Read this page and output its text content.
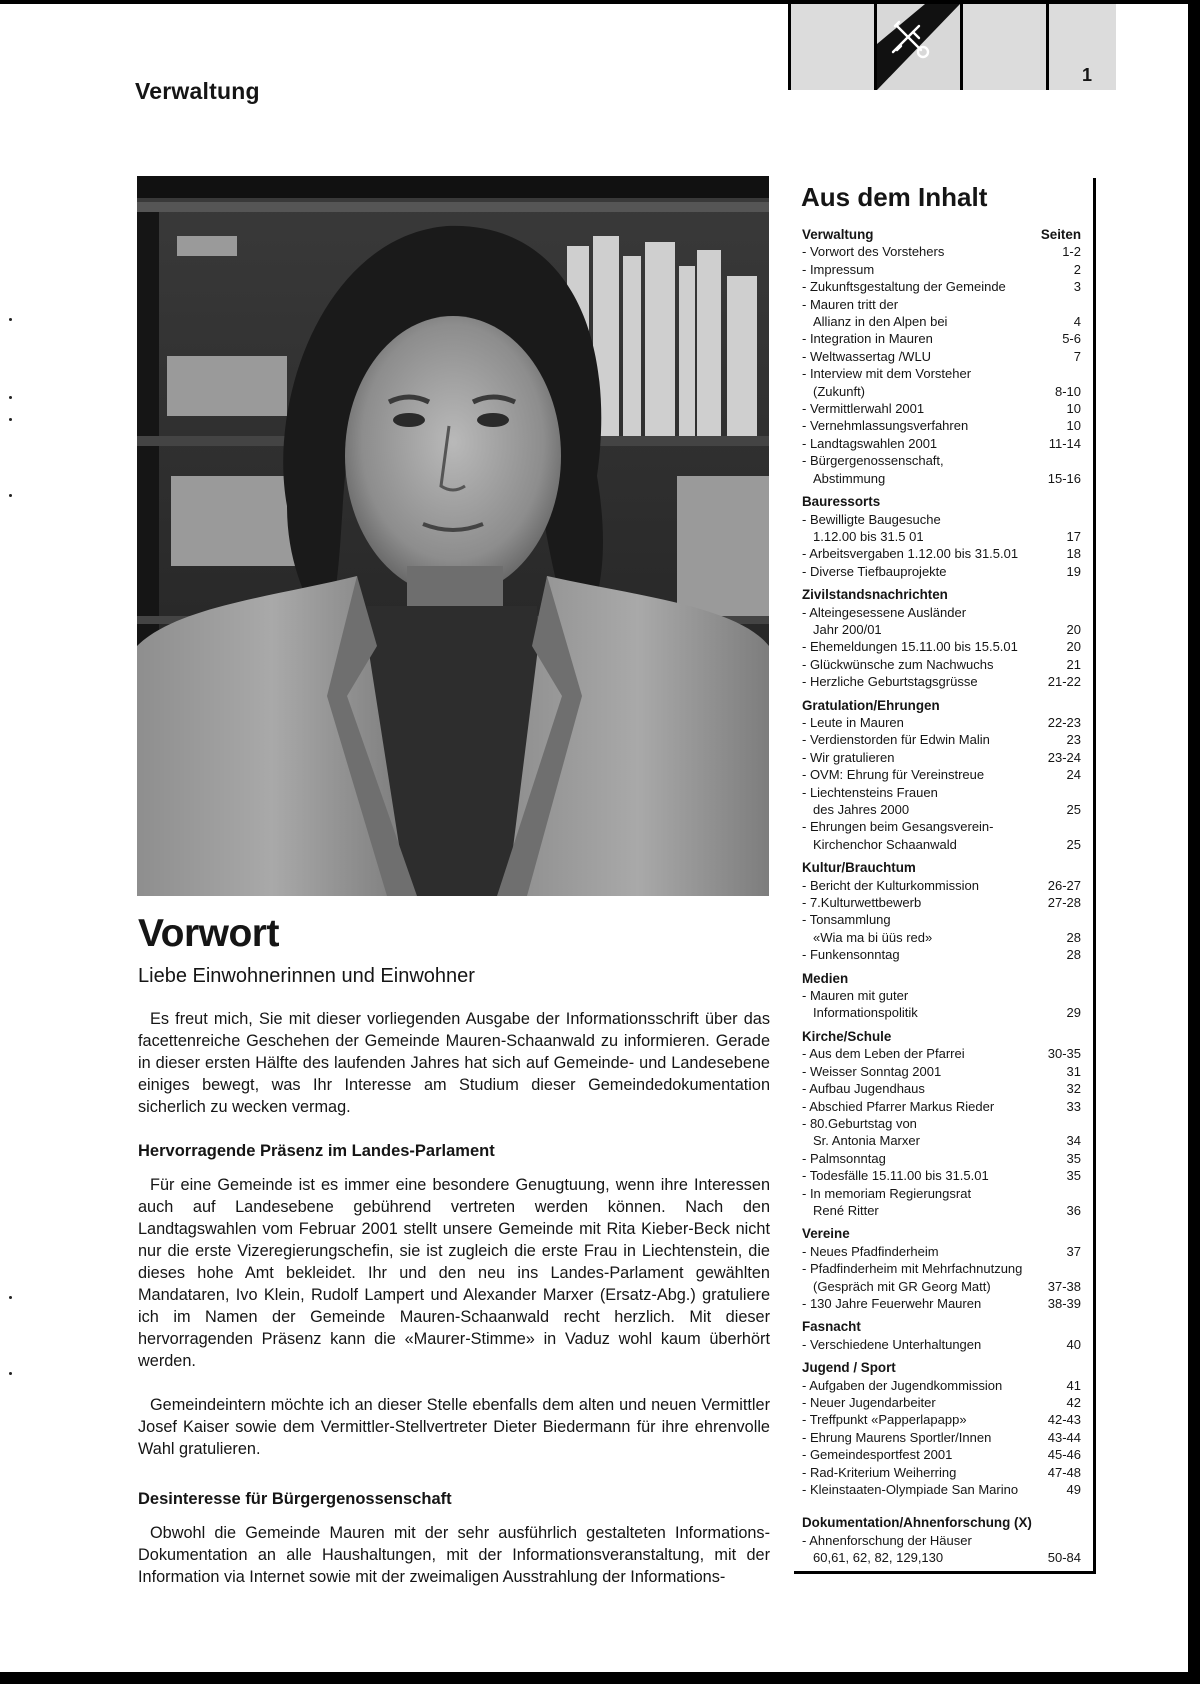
Verwaltung
1
Vorwort
Liebe Einwohnerinnen und Einwohner

Es freut mich, Sie mit dieser vorliegenden Ausgabe der Informationsschrift über das facettenreiche Geschehen der Gemeinde Mauren-Schaanwald zu informieren. Gerade in dieser ersten Hälfte des laufenden Jahres hat sich auf Gemeinde- und Landesebene einiges bewegt, was Ihr Interesse am Studium dieser Gemeindedokumentation sicherlich zu wecken vermag.

Hervorragende Präsenz im Landes-Parlament

Für eine Gemeinde ist es immer eine besondere Genugtuung, wenn ihre Interessen auch auf Landesebene gebührend vertreten werden können. Nach den Landtagswahlen vom Februar 2001 stellt unsere Gemeinde mit Rita Kieber-Beck nicht nur die erste Vizeregierungschefin, sie ist zugleich die erste Frau in Liechtenstein, die dieses hohe Amt bekleidet. Ihr und den neu ins Landes-Parlament gewählten Mandataren, Ivo Klein, Rudolf Lampert und Alexander Marxer (Ersatz-Abg.) gratuliere ich im Namen der Gemeinde Mauren-Schaanwald recht herzlich. Mit dieser hervorragenden Präsenz kann die «Maurer-Stimme» in Vaduz wohl kaum überhört werden.

Gemeindeintern möchte ich an dieser Stelle ebenfalls dem alten und neuen Vermittler Josef Kaiser sowie dem Vermittler-Stellvertreter Dieter Biedermann für ihre ehrenvolle Wahl gratulieren.

Desinteresse für Bürgergenossenschaft

Obwohl die Gemeinde Mauren mit der sehr ausführlich gestalteten Informations-Dokumentation an alle Haushaltungen, mit der Informationsveranstaltung, mit der Information via Internet sowie mit der zweimaligen Ausstrahlung der Informations-

Aus dem Inhalt
Verwaltung	Seiten
- Vorwort des Vorstehers	1-2
- Impressum	2
- Zukunftsgestaltung der Gemeinde	3
- Mauren tritt der
Allianz in den Alpen bei	4
- Integration in Mauren	5-6
- Weltwassertag /WLU	7
- Interview mit dem Vorsteher
(Zukunft)	8-10
- Vermittlerwahl 2001	10
- Vernehmlassungsverfahren	10
- Landtagswahlen 2001	11-14
- Bürgergenossenschaft,
Abstimmung	15-16
Bauressorts
- Bewilligte Baugesuche
1.12.00 bis 31.5 01	17
- Arbeitsvergaben 1.12.00 bis 31.5.01	18
- Diverse Tiefbauprojekte	19
Zivilstandsnachrichten
- Alteingesessene Ausländer
Jahr 200/01	20
- Ehemeldungen 15.11.00 bis 15.5.01	20
- Glückwünsche zum Nachwuchs	21
- Herzliche Geburtstagsgrüsse	21-22
Gratulation/Ehrungen
- Leute in Mauren	22-23
- Verdienstorden für Edwin Malin	23
- Wir gratulieren	23-24
- OVM: Ehrung für Vereinstreue	24
- Liechtensteins Frauen
des Jahres 2000	25
- Ehrungen beim Gesangsverein-
Kirchenchor Schaanwald	25
Kultur/Brauchtum
- Bericht der Kulturkommission	26-27
- 7.Kulturwettbewerb	27-28
- Tonsammlung
«Wia ma bi üüs red»	28
- Funkensonntag	28
Medien
- Mauren mit guter
Informationspolitik	29
Kirche/Schule
- Aus dem Leben der Pfarrei	30-35
- Weisser Sonntag 2001	31
- Aufbau Jugendhaus	32
- Abschied Pfarrer Markus Rieder	33
- 80.Geburtstag von
Sr. Antonia Marxer	34
- Palmsonntag	35
- Todesfälle 15.11.00 bis 31.5.01	35
- In memoriam Regierungsrat
René Ritter	36
Vereine
- Neues Pfadfinderheim	37
- Pfadfinderheim mit Mehrfachnutzung
(Gespräch mit GR Georg Matt)	37-38
- 130 Jahre Feuerwehr Mauren	38-39
Fasnacht
- Verschiedene Unterhaltungen	40
Jugend / Sport
- Aufgaben der Jugendkommission	41
- Neuer Jugendarbeiter	42
- Treffpunkt «Papperlapapp»	42-43
- Ehrung Maurens Sportler/Innen	43-44
- Gemeindesportfest 2001	45-46
- Rad-Kriterium Weiherring	47-48
- Kleinstaaten-Olympiade San Marino	49
Dokumentation/Ahnenforschung (X)
- Ahnenforschung der Häuser
60,61, 62, 82, 129,130	50-84
